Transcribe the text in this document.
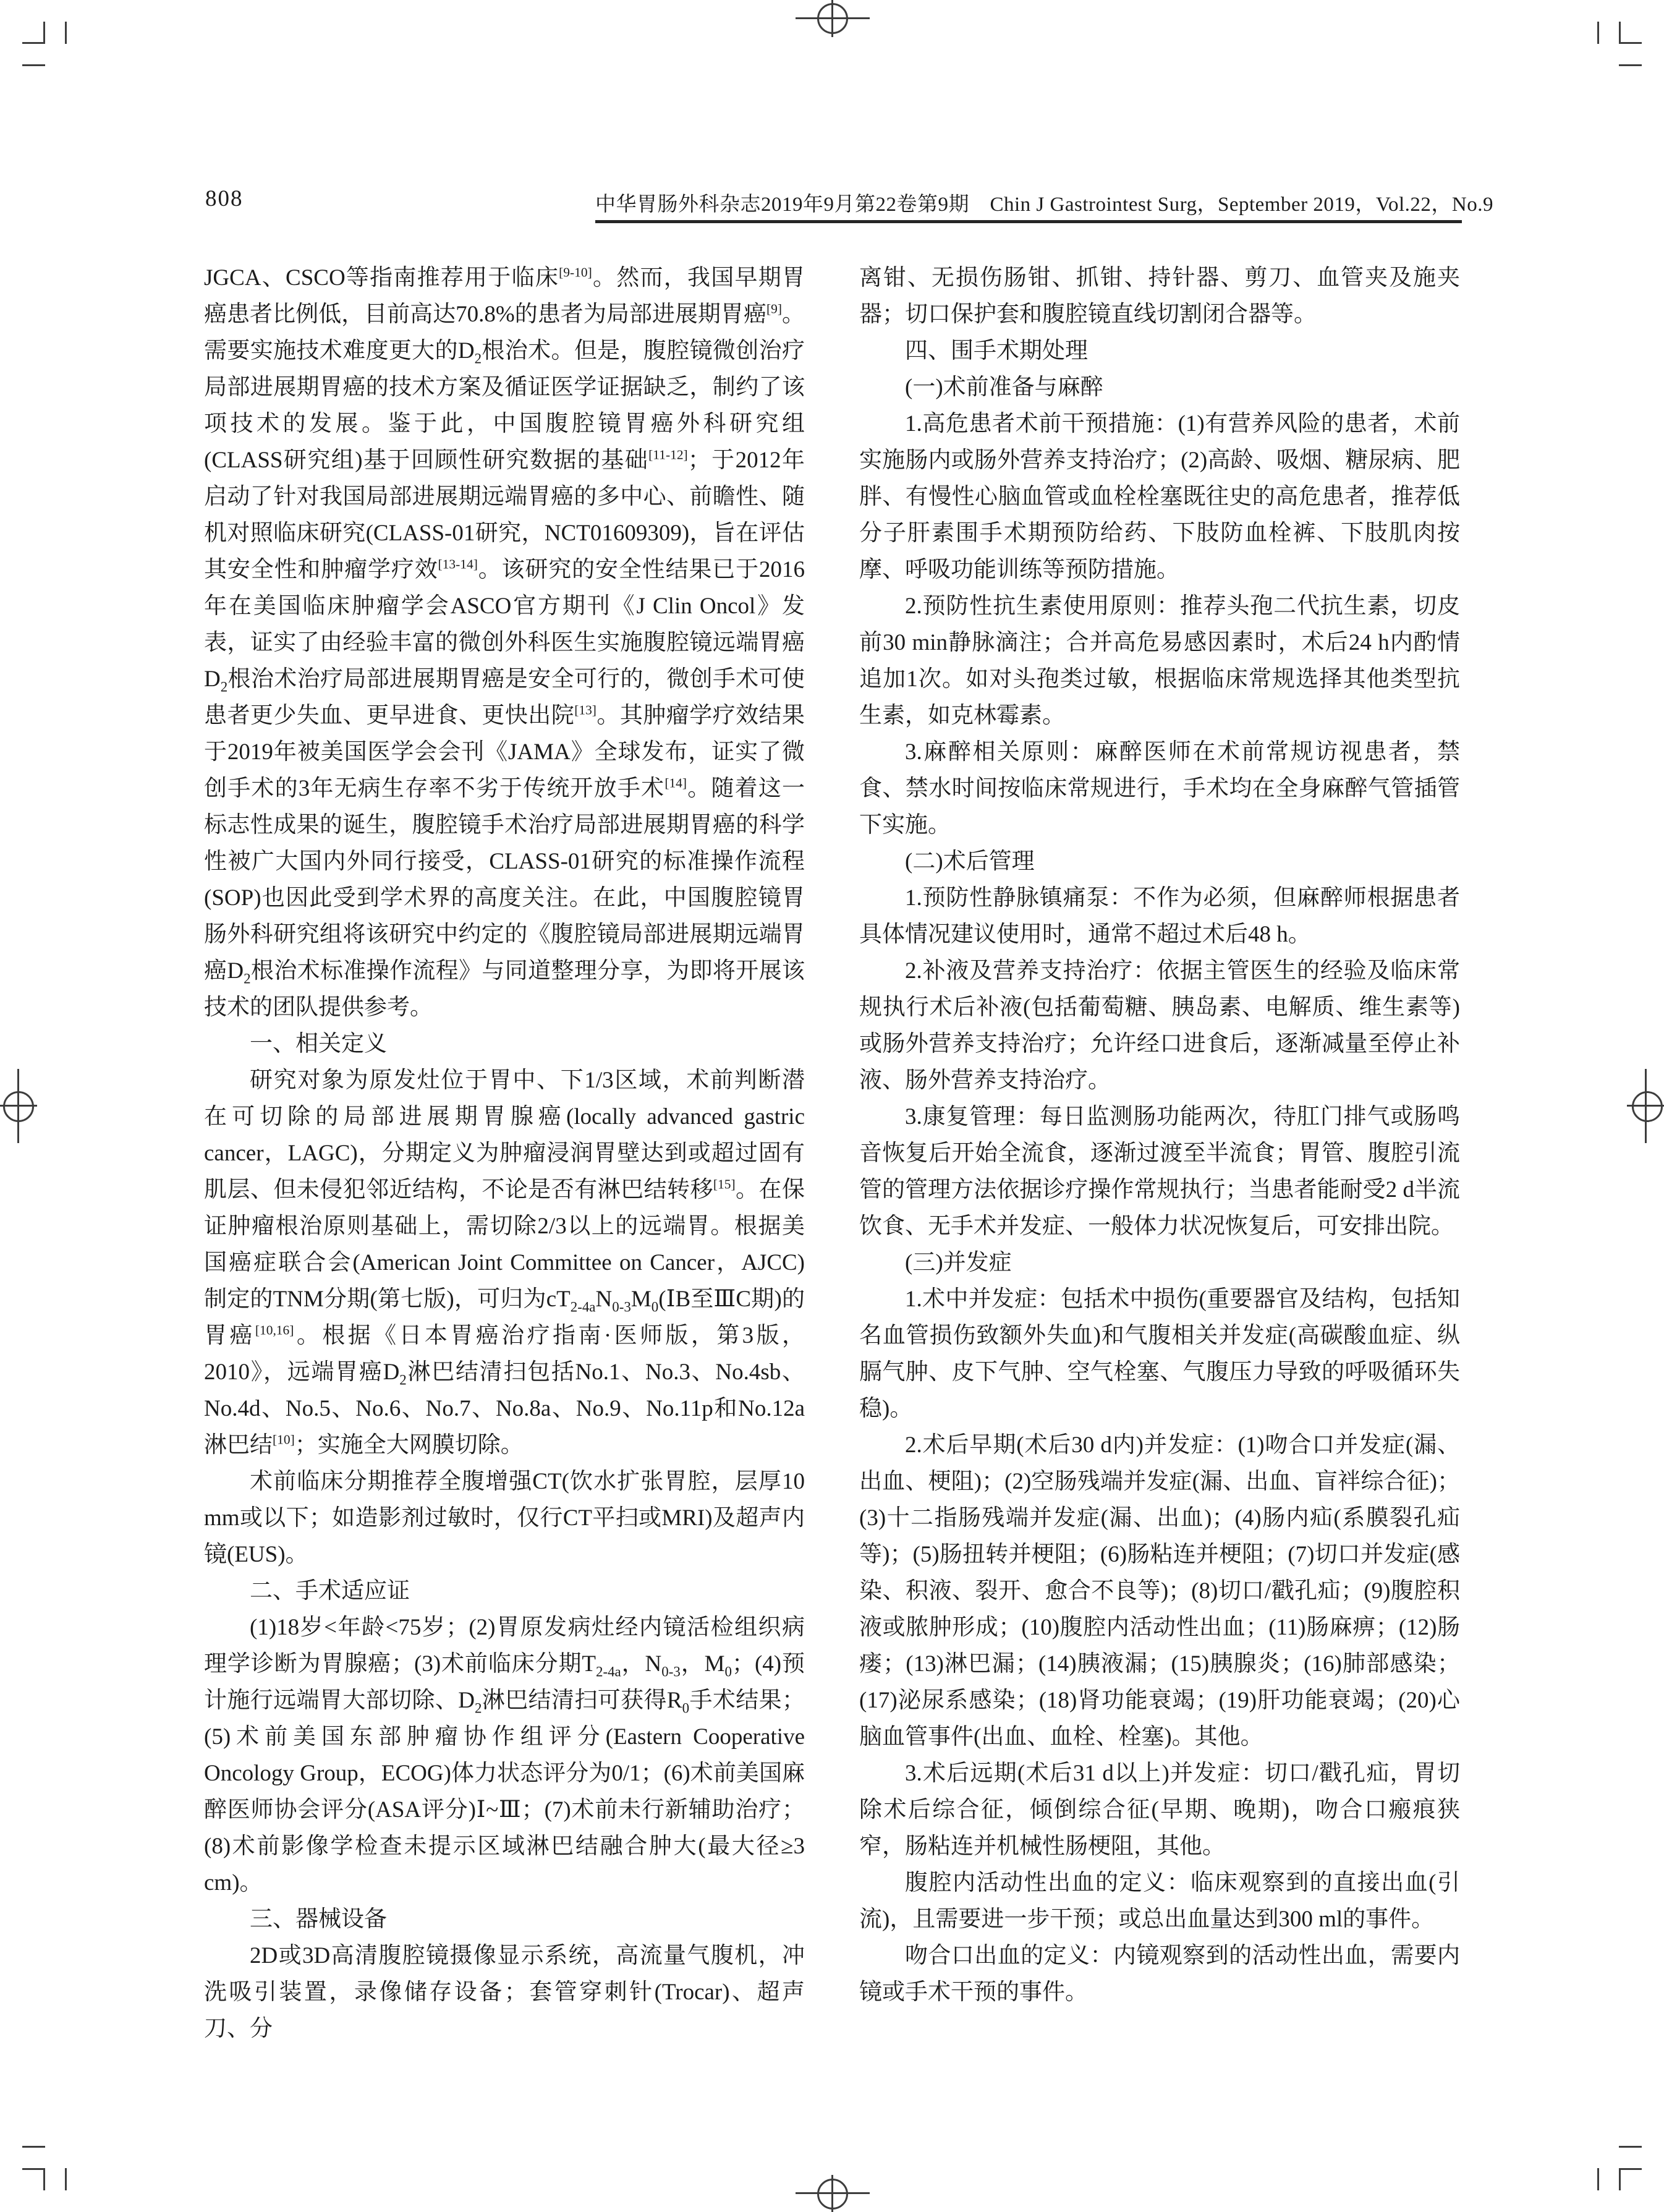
808	中华胃肠外科杂志2019年9月第22卷第9期　Chin J Gastrointest Surg，September 2019，Vol.22，No.9

JGCA、CSCO等指南推荐用于临床[9-10]。然而，我国早期胃癌患者比例低，目前高达70.8%的患者为局部进展期胃癌[9]。需要实施技术难度更大的$D_2$根治术。但是，腹腔镜微创治疗局部进展期胃癌的技术方案及循证医学证据缺乏，制约了该项技术的发展。鉴于此，中国腹腔镜胃癌外科研究组(CLASS研究组)基于回顾性研究数据的基础[11-12]；于2012年启动了针对我国局部进展期远端胃癌的多中心、前瞻性、随机对照临床研究(CLASS-01研究，NCT01609309)，旨在评估其安全性和肿瘤学疗效[13-14]。该研究的安全性结果已于2016年在美国临床肿瘤学会ASCO官方期刊《J Clin Oncol》发表，证实了由经验丰富的微创外科医生实施腹腔镜远端胃癌$D_2$根治术治疗局部进展期胃癌是安全可行的，微创手术可使患者更少失血、更早进食、更快出院[13]。其肿瘤学疗效结果于2019年被美国医学会会刊《JAMA》全球发布，证实了微创手术的3年无病生存率不劣于传统开放手术[14]。随着这一标志性成果的诞生，腹腔镜手术治疗局部进展期胃癌的科学性被广大国内外同行接受，CLASS-01研究的标准操作流程(SOP)也因此受到学术界的高度关注。在此，中国腹腔镜胃肠外科研究组将该研究中约定的《腹腔镜局部进展期远端胃癌$D_2$根治术标准操作流程》与同道整理分享，为即将开展该技术的团队提供参考。

一、相关定义

研究对象为原发灶位于胃中、下1/3区域，术前判断潜在可切除的局部进展期胃腺癌(locally advanced gastric cancer，LAGC)，分期定义为肿瘤浸润胃壁达到或超过固有肌层、但未侵犯邻近结构，不论是否有淋巴结转移[15]。在保证肿瘤根治原则基础上，需切除2/3以上的远端胃。根据美国癌症联合会(American Joint Committee on Cancer，AJCC)制定的TNM分期(第七版)，可归为$cT_{2-4a}N_{0-3}M_0(ⅠB$至ⅢC期)的胃癌[10,16]。根据《日本胃癌治疗指南·医师版，第3版，2010》，远端胃癌$D_2$淋巴结清扫包括No.1、No.3、No.4sb、No.4d、No.5、No.6、No.7、No.8a、No.9、No.11p和No.12a淋巴结[10]；实施全大网膜切除。

术前临床分期推荐全腹增强CT(饮水扩张胃腔，层厚10 mm或以下；如造影剂过敏时，仅行CT平扫或MRI)及超声内镜(EUS)。

二、手术适应证

(1)18岁<年龄<75岁；(2)胃原发病灶经内镜活检组织病理学诊断为胃腺癌；(3)术前临床分期$T_{2-4a}$，$N_{0-3}$，$M_0$；(4)预计施行远端胃大部切除、$D_2$淋巴结清扫可获得$R_0$手术结果；(5)术前美国东部肿瘤协作组评分(Eastern Cooperative Oncology Group，ECOG)体力状态评分为0/1；(6)术前美国麻醉医师协会评分(ASA评分)Ⅰ~Ⅲ；(7)术前未行新辅助治疗；(8)术前影像学检查未提示区域淋巴结融合肿大(最大径≥3 cm)。

三、器械设备

2D或3D高清腹腔镜摄像显示系统，高流量气腹机，冲洗吸引装置，录像储存设备；套管穿刺针(Trocar)、超声刀、分

离钳、无损伤肠钳、抓钳、持针器、剪刀、血管夹及施夹器；切口保护套和腹腔镜直线切割闭合器等。

四、围手术期处理

(一)术前准备与麻醉

1.高危患者术前干预措施：(1)有营养风险的患者，术前实施肠内或肠外营养支持治疗；(2)高龄、吸烟、糖尿病、肥胖、有慢性心脑血管或血栓栓塞既往史的高危患者，推荐低分子肝素围手术期预防给药、下肢防血栓裤、下肢肌肉按摩、呼吸功能训练等预防措施。

2.预防性抗生素使用原则：推荐头孢二代抗生素，切皮前30 min静脉滴注；合并高危易感因素时，术后24 h内酌情追加1次。如对头孢类过敏，根据临床常规选择其他类型抗生素，如克林霉素。

3.麻醉相关原则：麻醉医师在术前常规访视患者，禁食、禁水时间按临床常规进行，手术均在全身麻醉气管插管下实施。

(二)术后管理

1.预防性静脉镇痛泵：不作为必须，但麻醉师根据患者具体情况建议使用时，通常不超过术后48 h。

2.补液及营养支持治疗：依据主管医生的经验及临床常规执行术后补液(包括葡萄糖、胰岛素、电解质、维生素等)或肠外营养支持治疗；允许经口进食后，逐渐减量至停止补液、肠外营养支持治疗。

3.康复管理：每日监测肠功能两次，待肛门排气或肠鸣音恢复后开始全流食，逐渐过渡至半流食；胃管、腹腔引流管的管理方法依据诊疗操作常规执行；当患者能耐受2 d半流饮食、无手术并发症、一般体力状况恢复后，可安排出院。

(三)并发症

1.术中并发症：包括术中损伤(重要器官及结构，包括知名血管损伤致额外失血)和气腹相关并发症(高碳酸血症、纵膈气肿、皮下气肿、空气栓塞、气腹压力导致的呼吸循环失稳)。

2.术后早期(术后30 d内)并发症：(1)吻合口并发症(漏、出血、梗阻)；(2)空肠残端并发症(漏、出血、盲袢综合征)；(3)十二指肠残端并发症(漏、出血)；(4)肠内疝(系膜裂孔疝等)；(5)肠扭转并梗阻；(6)肠粘连并梗阻；(7)切口并发症(感染、积液、裂开、愈合不良等)；(8)切口/戳孔疝；(9)腹腔积液或脓肿形成；(10)腹腔内活动性出血；(11)肠麻痹；(12)肠瘘；(13)淋巴漏；(14)胰液漏；(15)胰腺炎；(16)肺部感染；(17)泌尿系感染；(18)肾功能衰竭；(19)肝功能衰竭；(20)心脑血管事件(出血、血栓、栓塞)。其他。

3.术后远期(术后31 d以上)并发症：切口/戳孔疝，胃切除术后综合征，倾倒综合征(早期、晚期)，吻合口瘢痕狭窄，肠粘连并机械性肠梗阻，其他。

腹腔内活动性出血的定义：临床观察到的直接出血(引流)，且需要进一步干预；或总出血量达到300 ml的事件。

吻合口出血的定义：内镜观察到的活动性出血，需要内镜或手术干预的事件。
